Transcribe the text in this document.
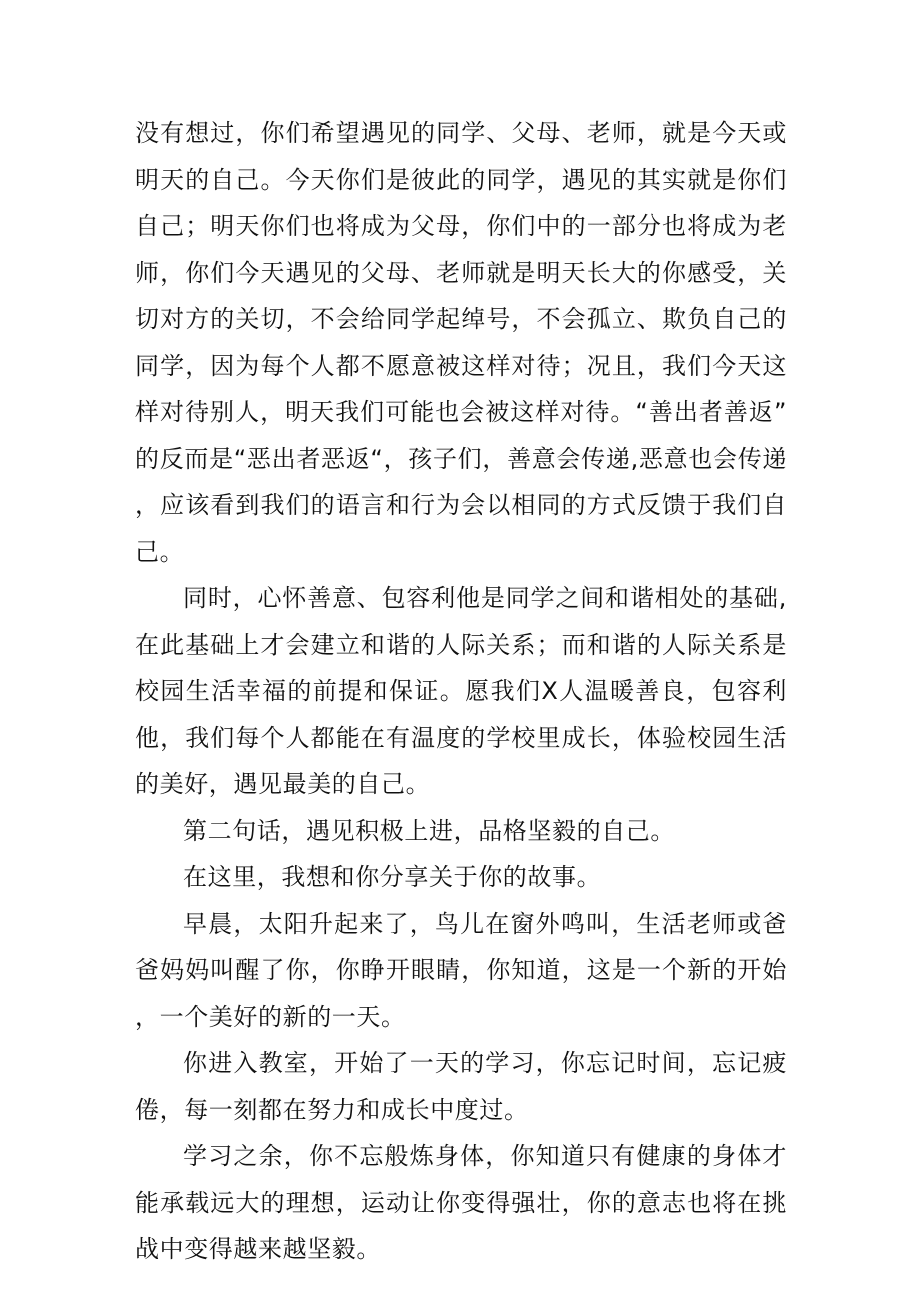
没有想过，你们希望遇见的同学、父母、老师，就是今天或明天的自己。今天你们是彼此的同学，遇见的其实就是你们自己；明天你们也将成为父母，你们中的一部分也将成为老师，你们今天遇见的父母、老师就是明天长大的你感受，关切对方的关切，不会给同学起绰号，不会孤立、欺负自己的同学，因为每个人都不愿意被这样对待；况且，我们今天这样对待别人，明天我们可能也会被这样对待。“善出者善返”的反而是“恶出者恶返“，孩子们，善意会传递,恶意也会传递，应该看到我们的语言和行为会以相同的方式反馈于我们自己。

同时，心怀善意、包容利他是同学之间和谐相处的基础,在此基础上才会建立和谐的人际关系；而和谐的人际关系是校园生活幸福的前提和保证。愿我们X人温暖善良，包容利他，我们每个人都能在有温度的学校里成长，体验校园生活的美好，遇见最美的自己。

第二句话，遇见积极上进，品格坚毅的自己。

在这里，我想和你分享关于你的故事。

早晨，太阳升起来了，鸟儿在窗外鸣叫，生活老师或爸爸妈妈叫醒了你，你睁开眼睛，你知道，这是一个新的开始，一个美好的新的一天。

你进入教室，开始了一天的学习，你忘记时间，忘记疲倦，每一刻都在努力和成长中度过。

学习之余，你不忘般炼身体，你知道只有健康的身体才能承载远大的理想，运动让你变得强壮，你的意志也将在挑战中变得越来越坚毅。
